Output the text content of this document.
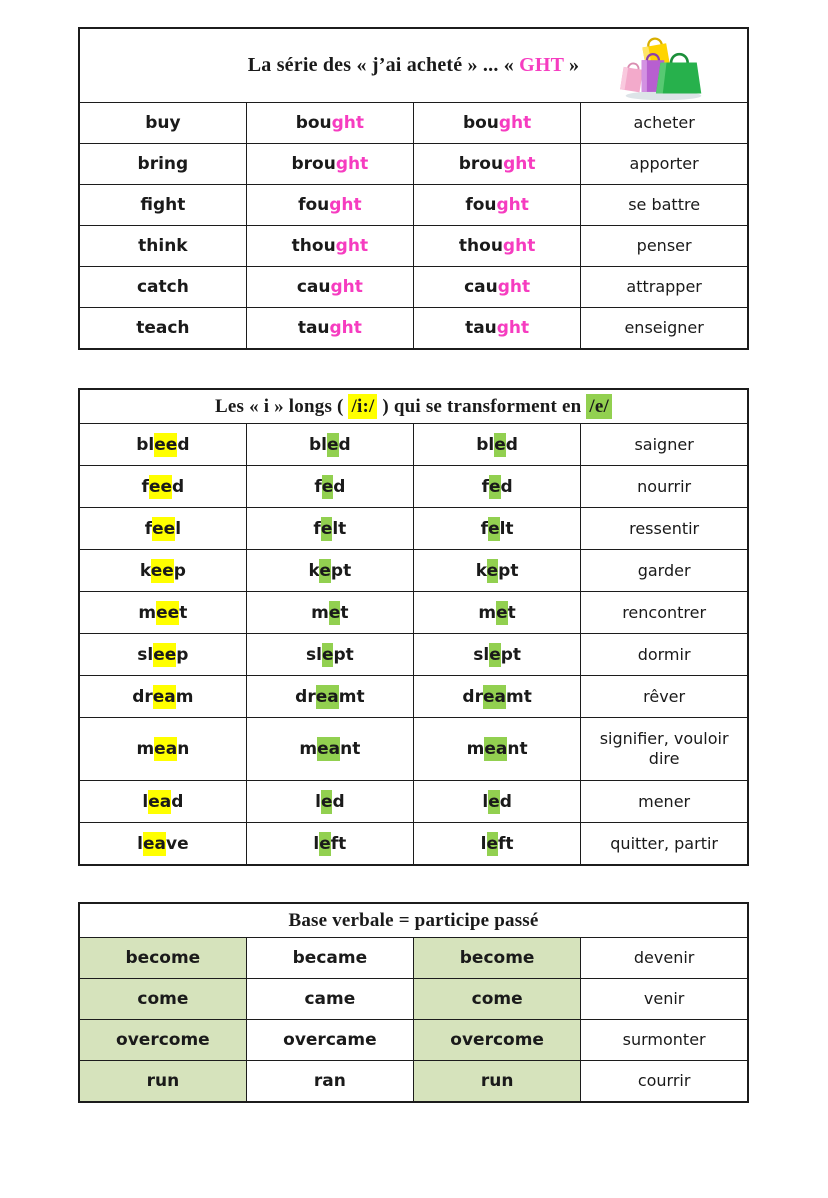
La série des « j’ai acheté » ... « GHT »			

buy	bought	bought	acheter
bring	brought	brought	apporter
fight	fought	fought	se battre
think	thought	thought	penser
catch	caught	caught	attrapper
teach	taught	taught	enseigner
Les « i » longs ( /i:/ ) qui se transforment en /e/			
bleed	bled	bled	saigner
feed	fed	fed	nourrir
feel	felt	felt	ressentir
keep	kept	kept	garder
meet	met	met	rencontrer
sleep	slept	slept	dormir
dream	dreamt	dreamt	rêver
mean	meant	meant	signifier, vouloir dire
lead	led	led	mener
leave	left	left	quitter, partir
Base verbale = participe passé			
become	became	become	devenir
come	came	come	venir
overcome	overcame	overcome	surmonter
run	ran	run	courrir
